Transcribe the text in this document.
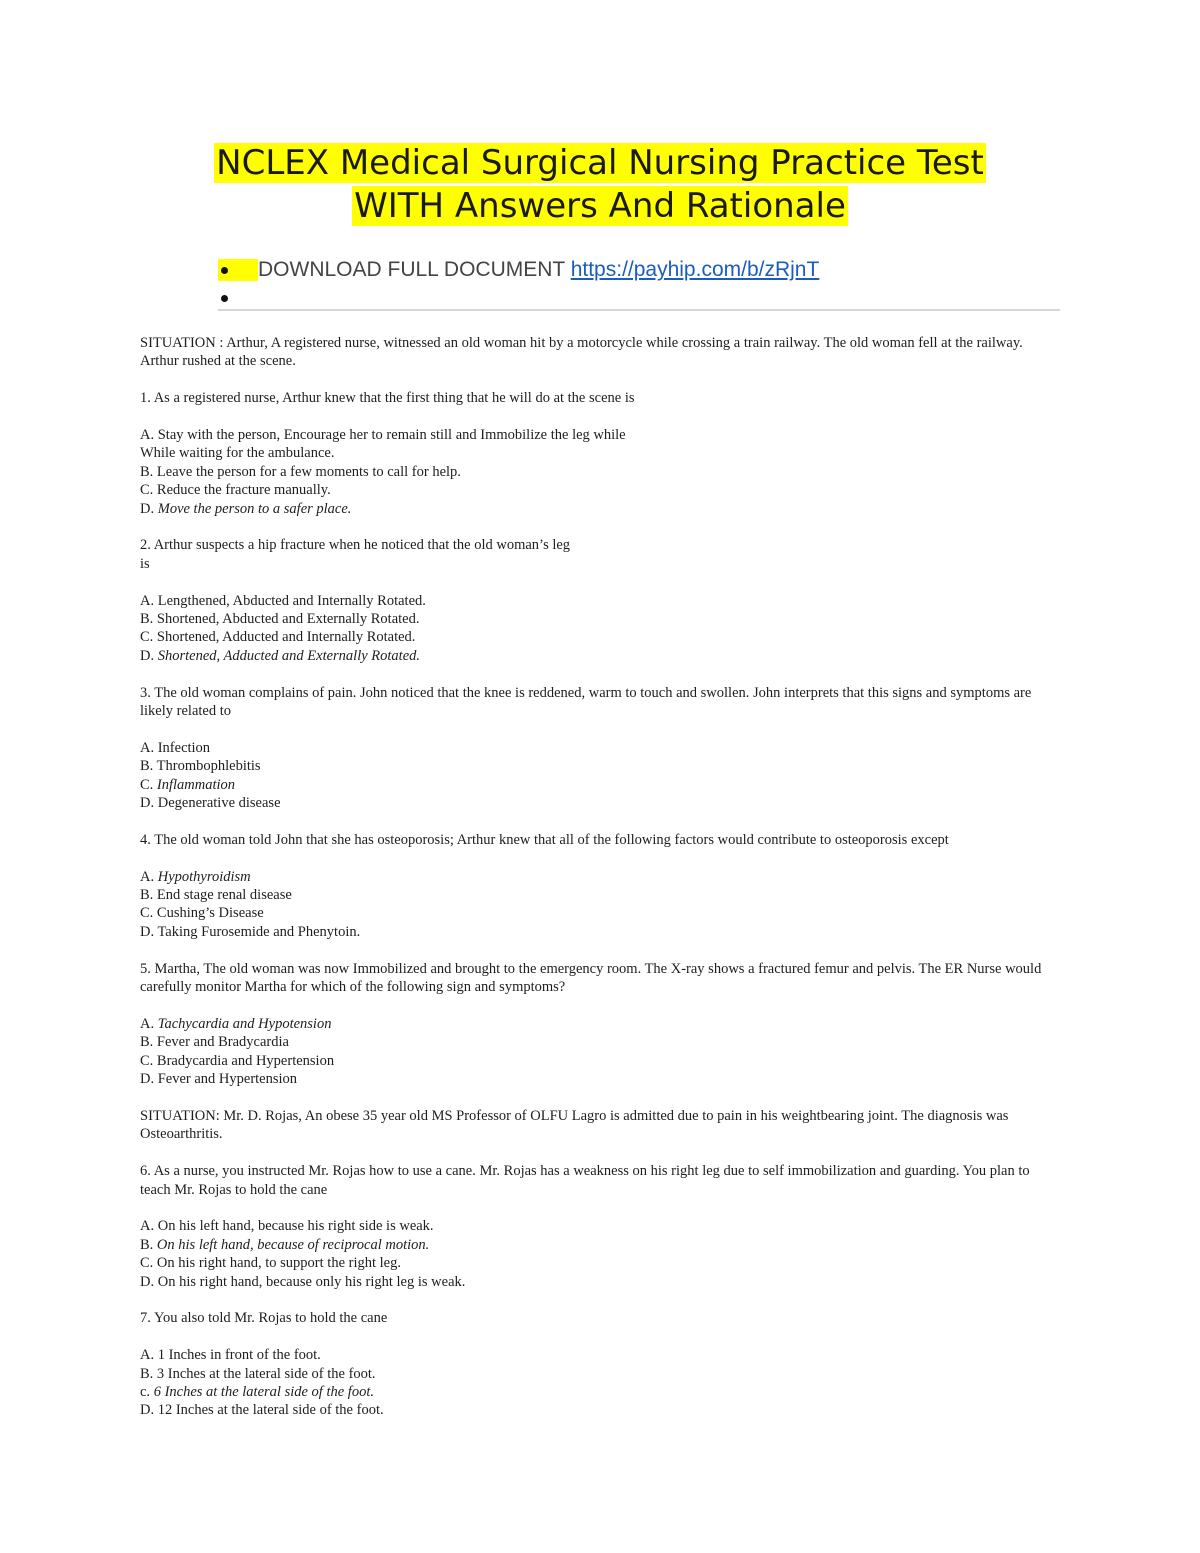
NCLEX Medical Surgical Nursing Practice Test
WITH Answers And Rationale
DOWNLOAD FULL DOCUMENT https://payhip.com/b/zRjnT

SITUATION : Arthur, A registered nurse, witnessed an old woman hit by a motorcycle while crossing a train railway. The old woman fell at the railway. Arthur rushed at the scene.

1. As a registered nurse, Arthur knew that the first thing that he will do at the scene is

A. Stay with the person, Encourage her to remain still and Immobilize the leg while
While waiting for the ambulance.
B. Leave the person for a few moments to call for help.
C. Reduce the fracture manually.
D. Move the person to a safer place.

2. Arthur suspects a hip fracture when he noticed that the old woman’s leg
is

A. Lengthened, Abducted and Internally Rotated.
B. Shortened, Abducted and Externally Rotated.
C. Shortened, Adducted and Internally Rotated.
D. Shortened, Adducted and Externally Rotated.

3. The old woman complains of pain. John noticed that the knee is reddened, warm to touch and swollen. John interprets that this signs and symptoms are likely related to

A. Infection
B. Thrombophlebitis
C. Inflammation
D. Degenerative disease

4. The old woman told John that she has osteoporosis; Arthur knew that all of the following factors would contribute to osteoporosis except

A. Hypothyroidism
B. End stage renal disease
C. Cushing’s Disease
D. Taking Furosemide and Phenytoin.

5. Martha, The old woman was now Immobilized and brought to the emergency room. The X-ray shows a fractured femur and pelvis. The ER Nurse would carefully monitor Martha for which of the following sign and symptoms?

A. Tachycardia and Hypotension
B. Fever and Bradycardia
C. Bradycardia and Hypertension
D. Fever and Hypertension

SITUATION: Mr. D. Rojas, An obese 35 year old MS Professor of OLFU Lagro is admitted due to pain in his weightbearing joint. The diagnosis was Osteoarthritis.

6. As a nurse, you instructed Mr. Rojas how to use a cane. Mr. Rojas has a weakness on his right leg due to self immobilization and guarding. You plan to teach Mr. Rojas to hold the cane

A. On his left hand, because his right side is weak.
B. On his left hand, because of reciprocal motion.
C. On his right hand, to support the right leg.
D. On his right hand, because only his right leg is weak.

7. You also told Mr. Rojas to hold the cane

A. 1 Inches in front of the foot.
B. 3 Inches at the lateral side of the foot.
c. 6 Inches at the lateral side of the foot.
D. 12 Inches at the lateral side of the foot.
